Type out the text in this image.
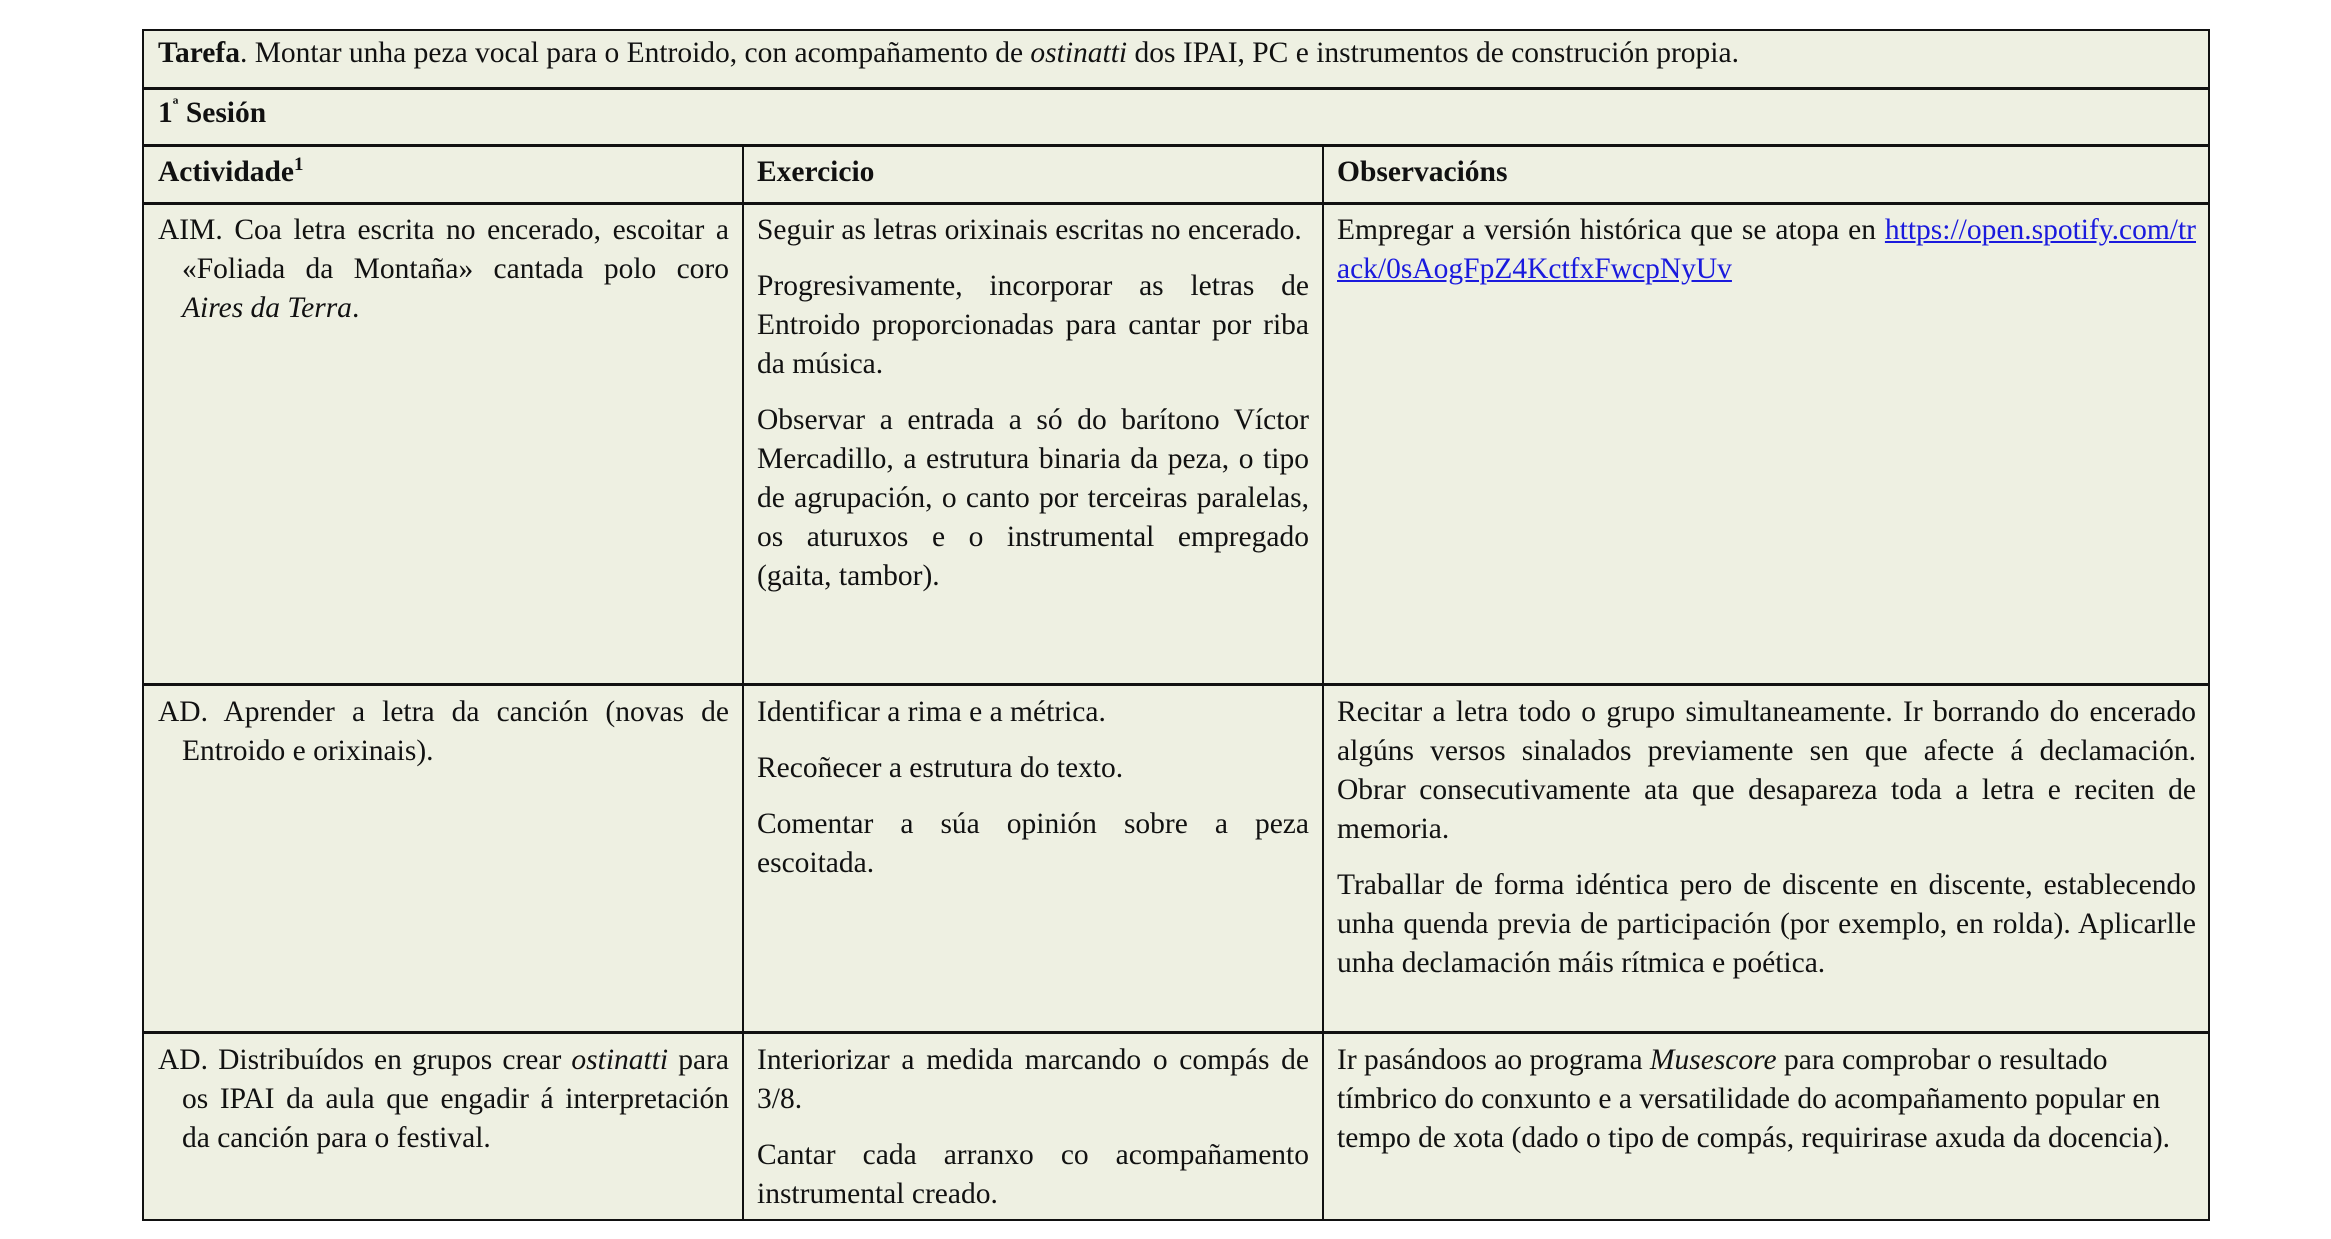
Tarefa. Montar unha peza vocal para o Entroido, con acompañamento de ostinatti dos IPAI, PC e instrumentos de construción propia.
$1^ª$ Sesión
Actividade$^1$	Exercicio	Observacións
AIM. Coa letra escrita no encerado, escoitar a «Foliada da Montaña» cantada polo coro Aires da Terra.

Seguir as letras orixinais escritas no encerado.

Progresivamente, incorporar as letras de Entroido proporcionadas para cantar por riba da música.

Observar a entrada a só do barítono Víctor Mercadillo, a estrutura binaria da peza, o tipo de agrupación, o canto por terceiras paralelas, os aturuxos e o instrumental empregado (gaita, tambor).

Empregar a versión histórica que se atopa en https://open.spotify.com/track/0sAogFpZ4KctfxFwcpNyUv
AD. Aprender a letra da canción (novas de Entroido e orixinais).

Identificar a rima e a métrica.

Recoñecer a estrutura do texto.

Comentar a súa opinión sobre a peza escoitada.

Recitar a letra todo o grupo simultaneamente. Ir borrando do encerado algúns versos sinalados previamente sen que afecte á declamación. Obrar consecutivamente ata que desapareza toda a letra e reciten de memoria.

Traballar de forma idéntica pero de discente en discente, establecendo unha quenda previa de participación (por exemplo, en rolda). Aplicarlle unha declamación máis rítmica e poética.

AD. Distribuídos en grupos crear ostinatti para os IPAI da aula que engadir á interpretación da canción para o festival.

Interiorizar a medida marcando o compás de 3/8.

Cantar cada arranxo co acompañamento instrumental creado.

Ir pasándoos ao programa Musescore para comprobar o resultado tímbrico do conxunto e a versatilidade do acompañamento popular en tempo de xota (dado o tipo de compás, requirirase axuda da docencia).
